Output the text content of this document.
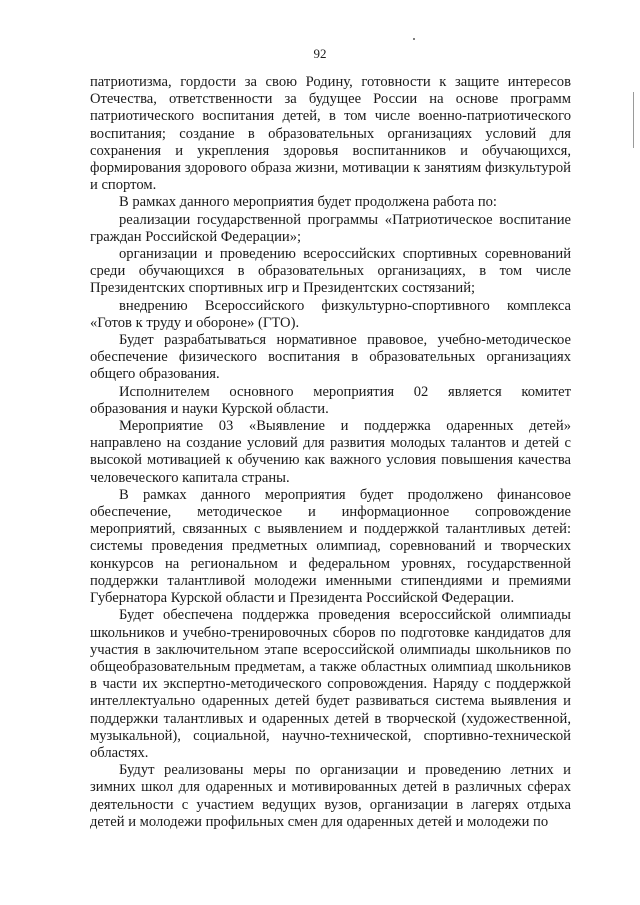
92

патриотизма, гордости за свою Родину, готовности к защите интересов Отечества, ответственности за будущее России на основе программ патриотического воспитания детей, в том числе военно-патриотического воспитания; создание в образовательных организациях условий для сохранения и укрепления здоровья воспитанников и обучающихся, формирования здорового образа жизни, мотивации к занятиям физкультурой и спортом.

В рамках данного мероприятия будет продолжена работа по:

реализации государственной программы «Патриотическое воспитание граждан Российской Федерации»;

организации и проведению всероссийских спортивных соревнований среди обучающихся в образовательных организациях, в том числе Президентских спортивных игр и Президентских состязаний;

внедрению Всероссийского физкультурно-спортивного комплекса «Готов к труду и обороне» (ГТО).

Будет разрабатываться нормативное правовое, учебно-методическое обеспечение физического воспитания в образовательных организациях общего образования.

Исполнителем основного мероприятия 02 является комитет образования и науки Курской области.

Мероприятие 03 «Выявление и поддержка одаренных детей» направлено на создание условий для развития молодых талантов и детей с высокой мотивацией к обучению как важного условия повышения качества человеческого капитала страны.

В рамках данного мероприятия будет продолжено финансовое обеспечение, методическое и информационное сопровождение мероприятий, связанных с выявлением и поддержкой талантливых детей: системы проведения предметных олимпиад, соревнований и творческих конкурсов на региональном и федеральном уровнях, государственной поддержки талантливой молодежи именными стипендиями и премиями Губернатора Курской области и Президента Российской Федерации.

Будет обеспечена поддержка проведения всероссийской олимпиады школьников и учебно-тренировочных сборов по подготовке кандидатов для участия в заключительном этапе всероссийской олимпиады школьников по общеобразовательным предметам, а также областных олимпиад школьников в части их экспертно-методического сопровождения. Наряду с поддержкой интеллектуально одаренных детей будет развиваться система выявления и поддержки талантливых и одаренных детей в творческой (художественной, музыкальной), социальной, научно-технической, спортивно-технической областях.

Будут реализованы меры по организации и проведению летних и зимних школ для одаренных и мотивированных детей в различных сферах деятельности с участием ведущих вузов, организации в лагерях отдыха детей и молодежи профильных смен для одаренных детей и молодежи по
